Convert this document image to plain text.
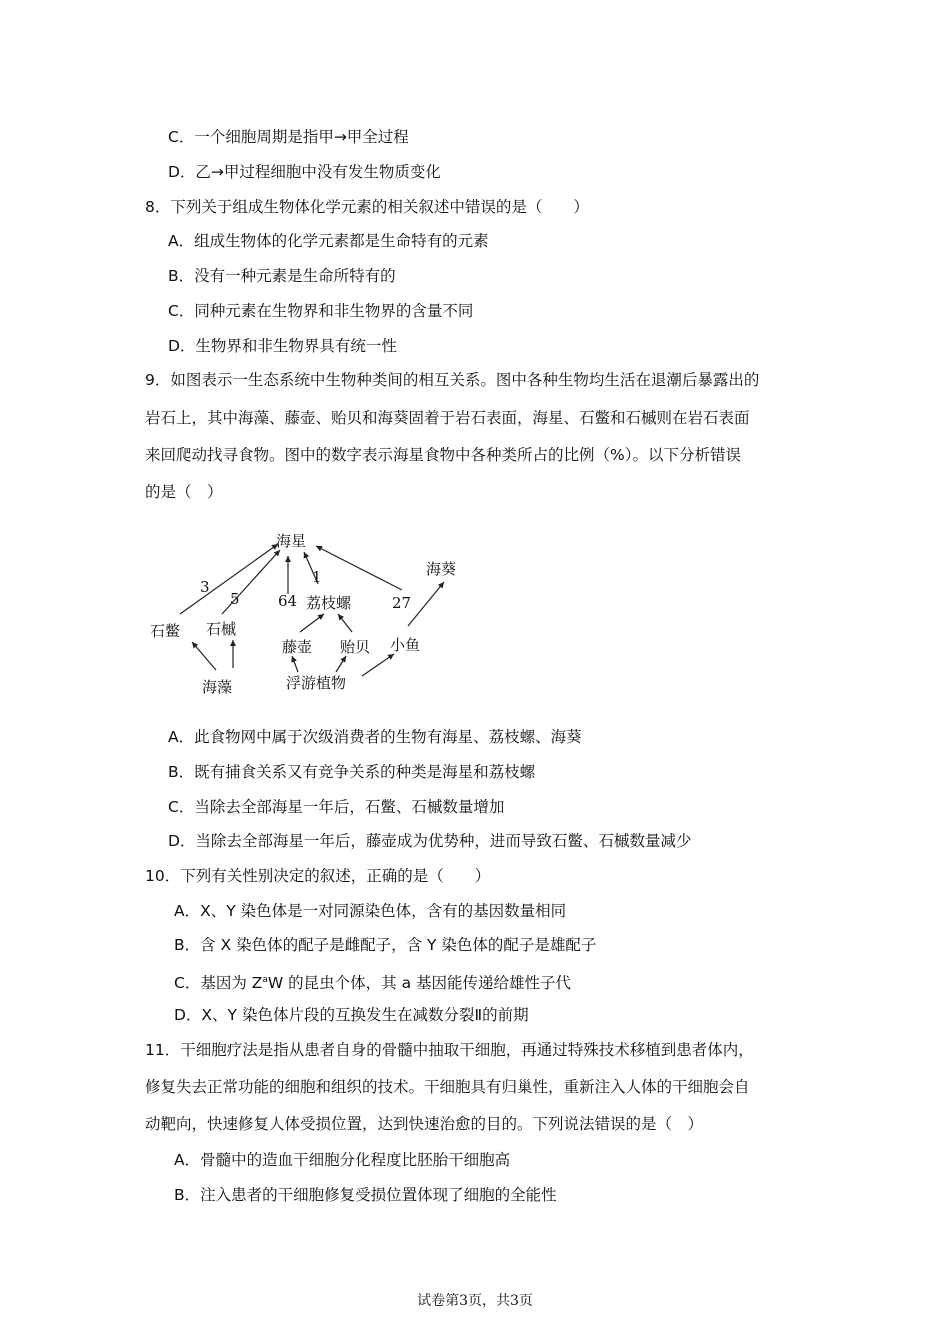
C．一个细胞周期是指甲→甲全过程
D．乙→甲过程细胞中没有发生物质变化
8．下列关于组成生物体化学元素的相关叙述中错误的是（　　）
A．组成生物体的化学元素都是生命特有的元素
B．没有一种元素是生命所特有的
C．同种元素在生物界和非生物界的含量不同
D．生物界和非生物界具有统一性
9．如图表示一生态系统中生物种类间的相互关系。图中各种生物均生活在退潮后暴露出的
岩石上，其中海藻、藤壶、贻贝和海葵固着于岩石表面，海星、石鳖和石槭则在岩石表面
来回爬动找寻食物。图中的数字表示海星食物中各种类所占的比例（%）。以下分析错误
的是（　）
海星
海葵
荔枝螺
石鳖 石槭
藤壶 贻贝 小鱼
海藻	浮游植物
3
5	64
1
27
A．此食物网中属于次级消费者的生物有海星、荔枝螺、海葵
B．既有捕食关系又有竞争关系的种类是海星和荔枝螺
C．当除去全部海星一年后，石鳖、石槭数量增加
D．当除去全部海星一年后，藤壶成为优势种，进而导致石鳖、石槭数量减少
10．下列有关性别决定的叙述，正确的是（　　）
A．X、Y 染色体是一对同源染色体，含有的基因数量相同
B．含 X 染色体的配子是雌配子，含 Y 染色体的配子是雄配子
C．基因为 $Z^aW$ 的昆虫个体，其 a 基因能传递给雄性子代
D．X、Y 染色体片段的互换发生在减数分裂Ⅱ的前期
11．干细胞疗法是指从患者自身的骨髓中抽取干细胞，再通过特殊技术移植到患者体内，
修复失去正常功能的细胞和组织的技术。干细胞具有归巢性，重新注入人体的干细胞会自
动靶向，快速修复人体受损位置，达到快速治愈的目的。下列说法错误的是（　）
A．骨髓中的造血干细胞分化程度比胚胎干细胞高
B．注入患者的干细胞修复受损位置体现了细胞的全能性
试卷第3页，共3页
